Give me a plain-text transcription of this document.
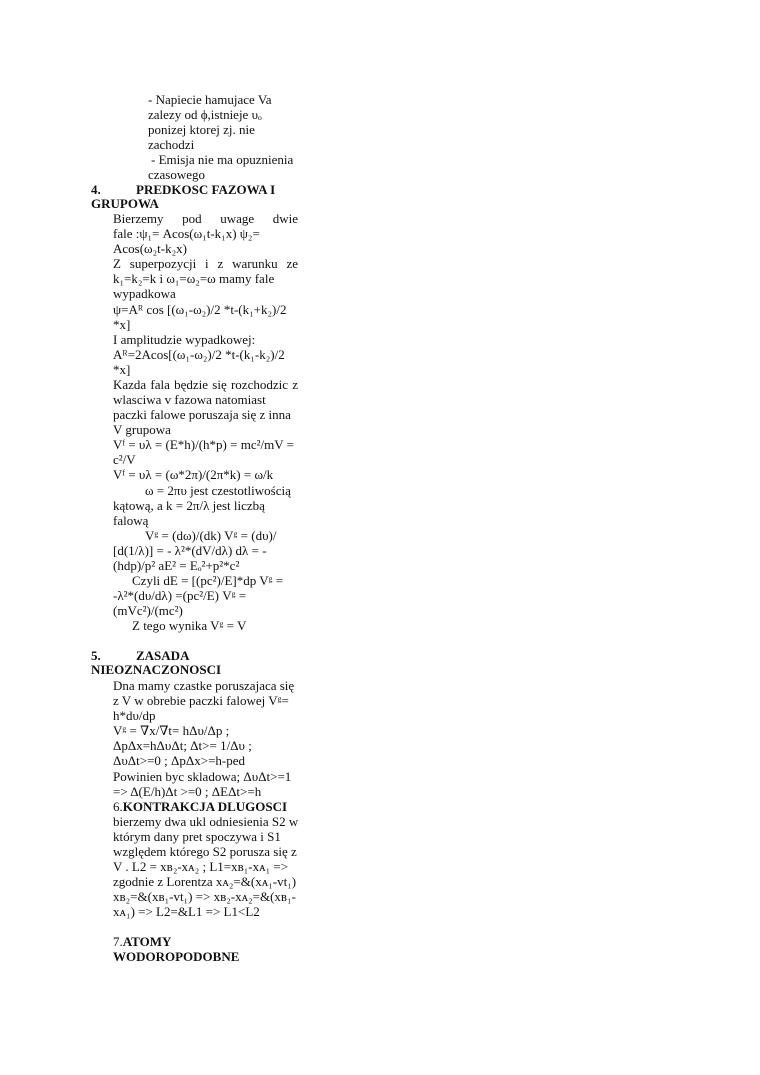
- Napiecie hamujace Va
zalezy od ϕ,istnieje υₒ
ponizej ktorej zj. nie
zachodzi
- Emisja nie ma opuznienia
czasowego
4.	PREDKOSC FAZOWA I
GRUPOWA
Bierzemy pod uwage dwie
fale :ψ₁= Acos(ω₁t-k₁x) ψ₂=
Acos(ω₂t-k₂x)
Z superpozycji i z warunku ze
k₁=k₂=k i ω₁=ω₂=ω mamy fale
wypadkowa
ψ=Aᴿ cos [(ω₁-ω₂)/2 *t-(k₁+k₂)/2
*x]
I amplitudzie wypadkowej:
Aᴿ=2Acos[(ω₁-ω₂)/2 *t-(k₁-k₂)/2
*x]
Kazda fala będzie się rozchodzic z
wlasciwa v fazowa natomiast
paczki falowe poruszaja się z inna
V grupowa
Vᶠ = υλ = (E*h)/(h*p) = mc²/mV =
c²/V
Vᶠ = υλ = (ω*2π)/(2π*k) = ω/k
ω = 2πυ jest czestotliwością
kątową, a k = 2π/λ jest liczbą
falową
Vᵍ = (dω)/(dk) Vᵍ = (dυ)/
[d(1/λ)] = - λ²*(dV/dλ) dλ = -
(hdp)/p² aE² = Eₒ²+p²*c²
Czyli dE = [(pc²)/E]*dp Vᵍ =
-λ²*(dυ/dλ) =(pc²/E) Vᵍ =
(mVc²)/(mc²)
Z tego wynika Vᵍ = V
5.	ZASADA
NIEOZNACZONOSCI
Dna mamy czastke poruszajaca się
z V w obrebie paczki falowej Vᵍ=
h*dυ/dp
Vᵍ = ∇x/∇t= hΔυ/Δp ;
ΔpΔx=hΔυΔt; Δt>= 1/Δυ ;
ΔυΔt>=0 ; ΔpΔx>=h-ped
Powinien byc skladowa; ΔυΔt>=1
=> Δ(E/h)Δt >=0 ; ΔEΔt>=h
6.KONTRAKCJA DLUGOSCI
bierzemy dwa ukl odniesienia S2 w
którym dany pret spoczywa i S1
względem którego S2 porusza się z
V . L2 = xʙ₂-xᴀ₂ ; L1=xʙ₁-xᴀ₁ =>
zgodnie z Lorentza xᴀ₂=&(xᴀ₁-vt₁)
xʙ₂=&(xʙ₁-vt₁) => xʙ₂-xᴀ₂=&(xʙ₁-
xᴀ₁) => L2=&L1 => L1<L2
7.ATOMY
WODOROPODOBNE
